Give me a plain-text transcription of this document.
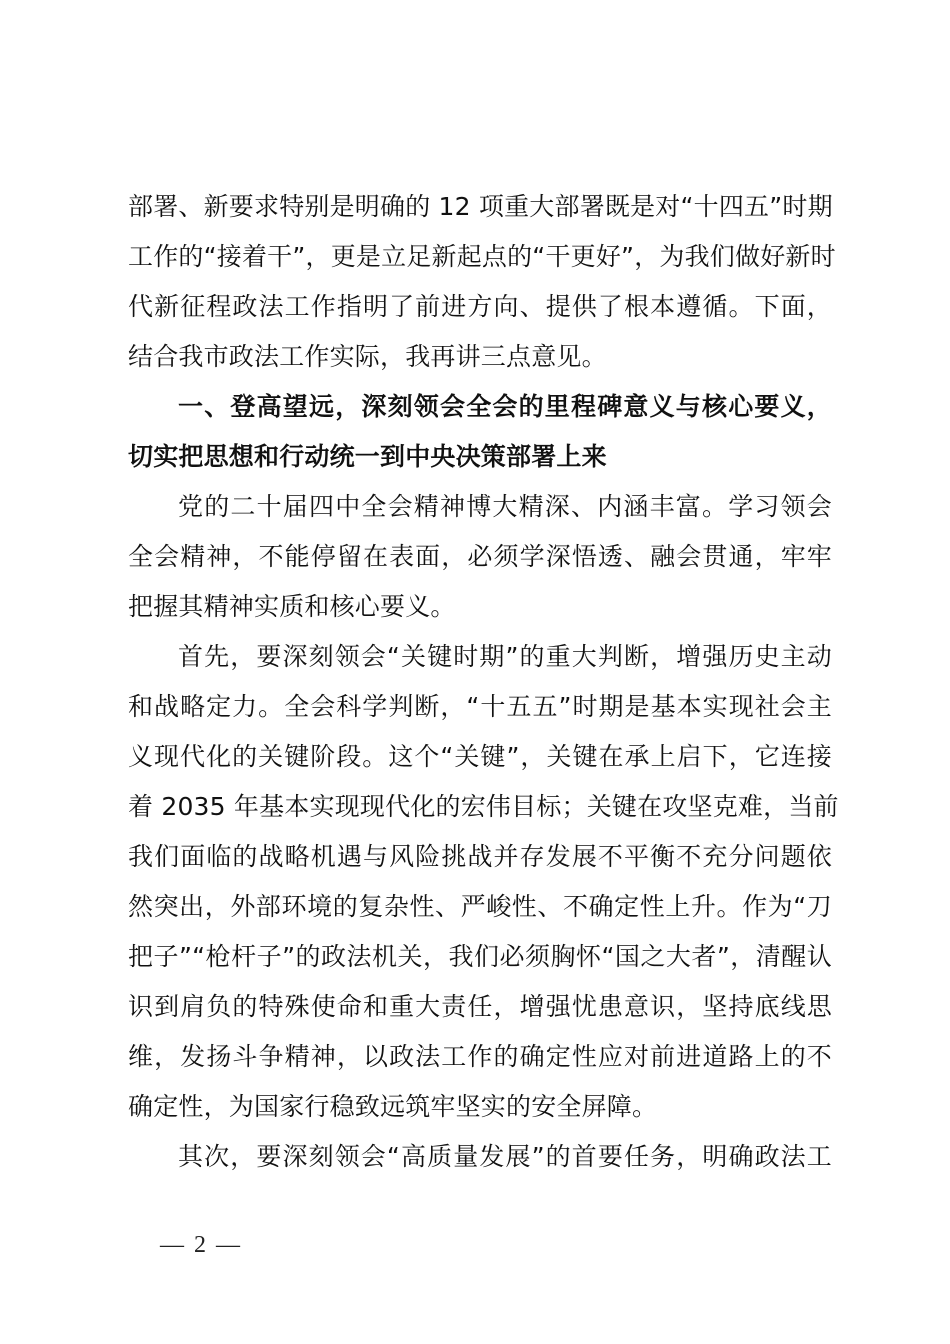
部署、新要求特别是明确的 12 项重大部署既是对“十四五”时期
工作的“接着干”，更是立足新起点的“干更好”，为我们做好新时
代新征程政法工作指明了前进方向、提供了根本遵循。下面，
结合我市政法工作实际，我再讲三点意见。
一、登高望远，深刻领会全会的里程碑意义与核心要义，
切实把思想和行动统一到中央决策部署上来
党的二十届四中全会精神博大精深、内涵丰富。学习领会
全会精神，不能停留在表面，必须学深悟透、融会贯通，牢牢
把握其精神实质和核心要义。
首先，要深刻领会“关键时期”的重大判断，增强历史主动
和战略定力。全会科学判断，“十五五”时期是基本实现社会主
义现代化的关键阶段。这个“关键”，关键在承上启下，它连接
着 2035 年基本实现现代化的宏伟目标；关键在攻坚克难，当前
我们面临的战略机遇与风险挑战并存发展不平衡不充分问题依
然突出，外部环境的复杂性、严峻性、不确定性上升。作为“刀
把子”“枪杆子”的政法机关，我们必须胸怀“国之大者”，清醒认
识到肩负的特殊使命和重大责任，增强忧患意识，坚持底线思
维，发扬斗争精神，以政法工作的确定性应对前进道路上的不
确定性，为国家行稳致远筑牢坚实的安全屏障。
其次，要深刻领会“高质量发展”的首要任务，明确政法工
— 2 —
